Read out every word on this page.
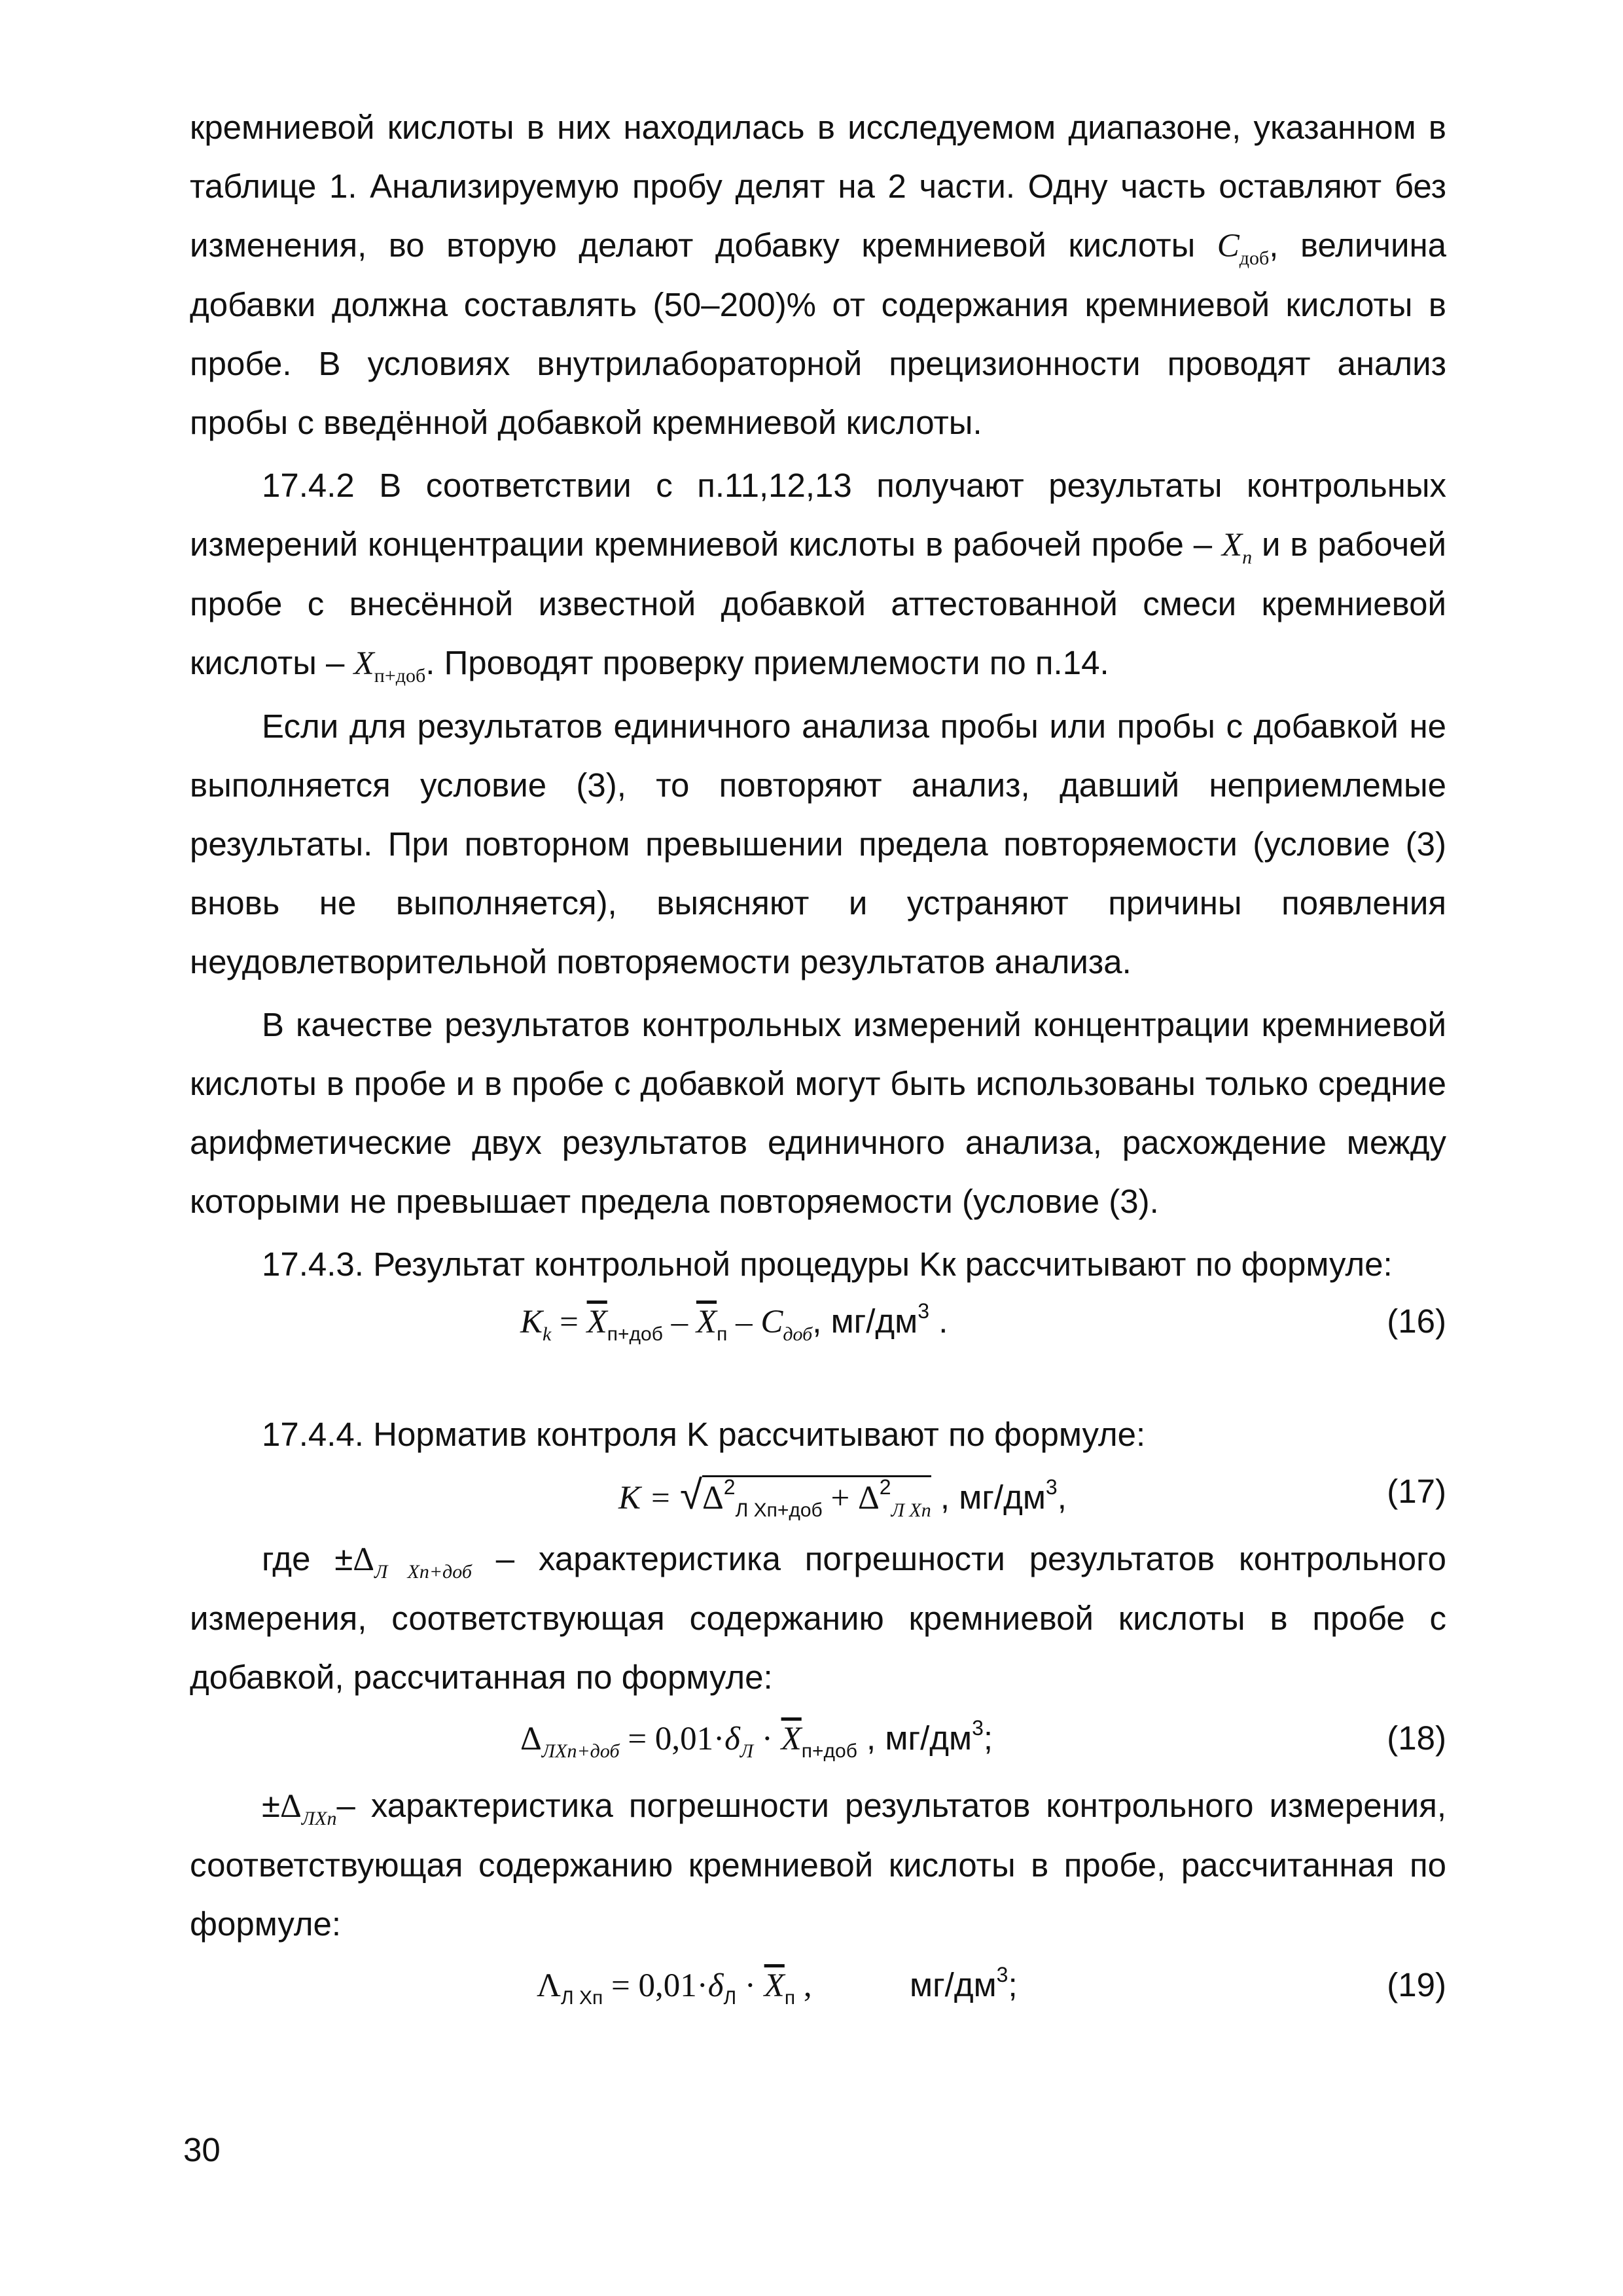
кремниевой кислоты в них находилась в исследуемом диапазоне, указанном в таблице 1. Анализируемую пробу делят на 2 части. Одну часть оставляют без изменения, во вторую делают добавку кремниевой кислоты $C_{доб}$, величина добавки должна составлять (50–200)% от содержания кремниевой кислоты в пробе. В условиях внутрилабораторной прецизионности проводят анализ пробы с введённой добавкой кремниевой кислоты.

17.4.2 В соответствии с п.11,12,13 получают результаты контрольных измерений концентрации кремниевой кислоты в рабочей пробе – $X_п$ и в рабочей пробе с внесённой известной добавкой аттестованной смеси кремниевой кислоты – $X_{п+доб}$. Проводят проверку приемлемости по п.14.

Если для результатов единичного анализа пробы или пробы с добавкой не выполняется условие (3), то повторяют анализ, давший неприемлемые результаты. При повторном превышении предела повторяемости (условие (3) вновь не выполняется), выясняют и устраняют причины появления неудовлетворительной повторяемости результатов анализа.

В качестве результатов контрольных измерений концентрации кремниевой кислоты в пробе и в пробе с добавкой могут быть использованы только средние арифметические двух результатов единичного анализа, расхождение между которыми не превышает предела повторяемости (условие (3).

17.4.3. Результат контрольной процедуры Kк рассчитывают по формуле:

$K_k = \overline{X}_{п+доб} - \overline{X}_п - C_{доб}$, $мг/дм^3$ .	(16)

17.4.4. Норматив контроля K рассчитывают по формуле:

$K = √\Delta^2_{Л Xп+доб} + \Delta^2_{Л Xп}$ , $мг/дм^3$,	(17)

где $\pm\Delta_{Л Xп+доб}$ – характеристика погрешности результатов контрольного измерения, соответствующая содержанию кремниевой кислоты в пробе с добавкой, рассчитанная по формуле:

$\Delta_{ЛXп+доб} = 0,01\cdot\delta_Л \cdot \overline{X}_{п+доб}$ , $мг/дм^3$;	(18)

$\pm\Delta_{ЛXп}-$ характеристика погрешности результатов контрольного измерения, соответствующая содержанию кремниевой кислоты в пробе, рассчитанная по формуле:

$\Lambda_{Л Xп} = 0,01\cdot\delta_Л \cdot \overline{X}_п$ ,	$мг/дм^3$;	(19)
30
